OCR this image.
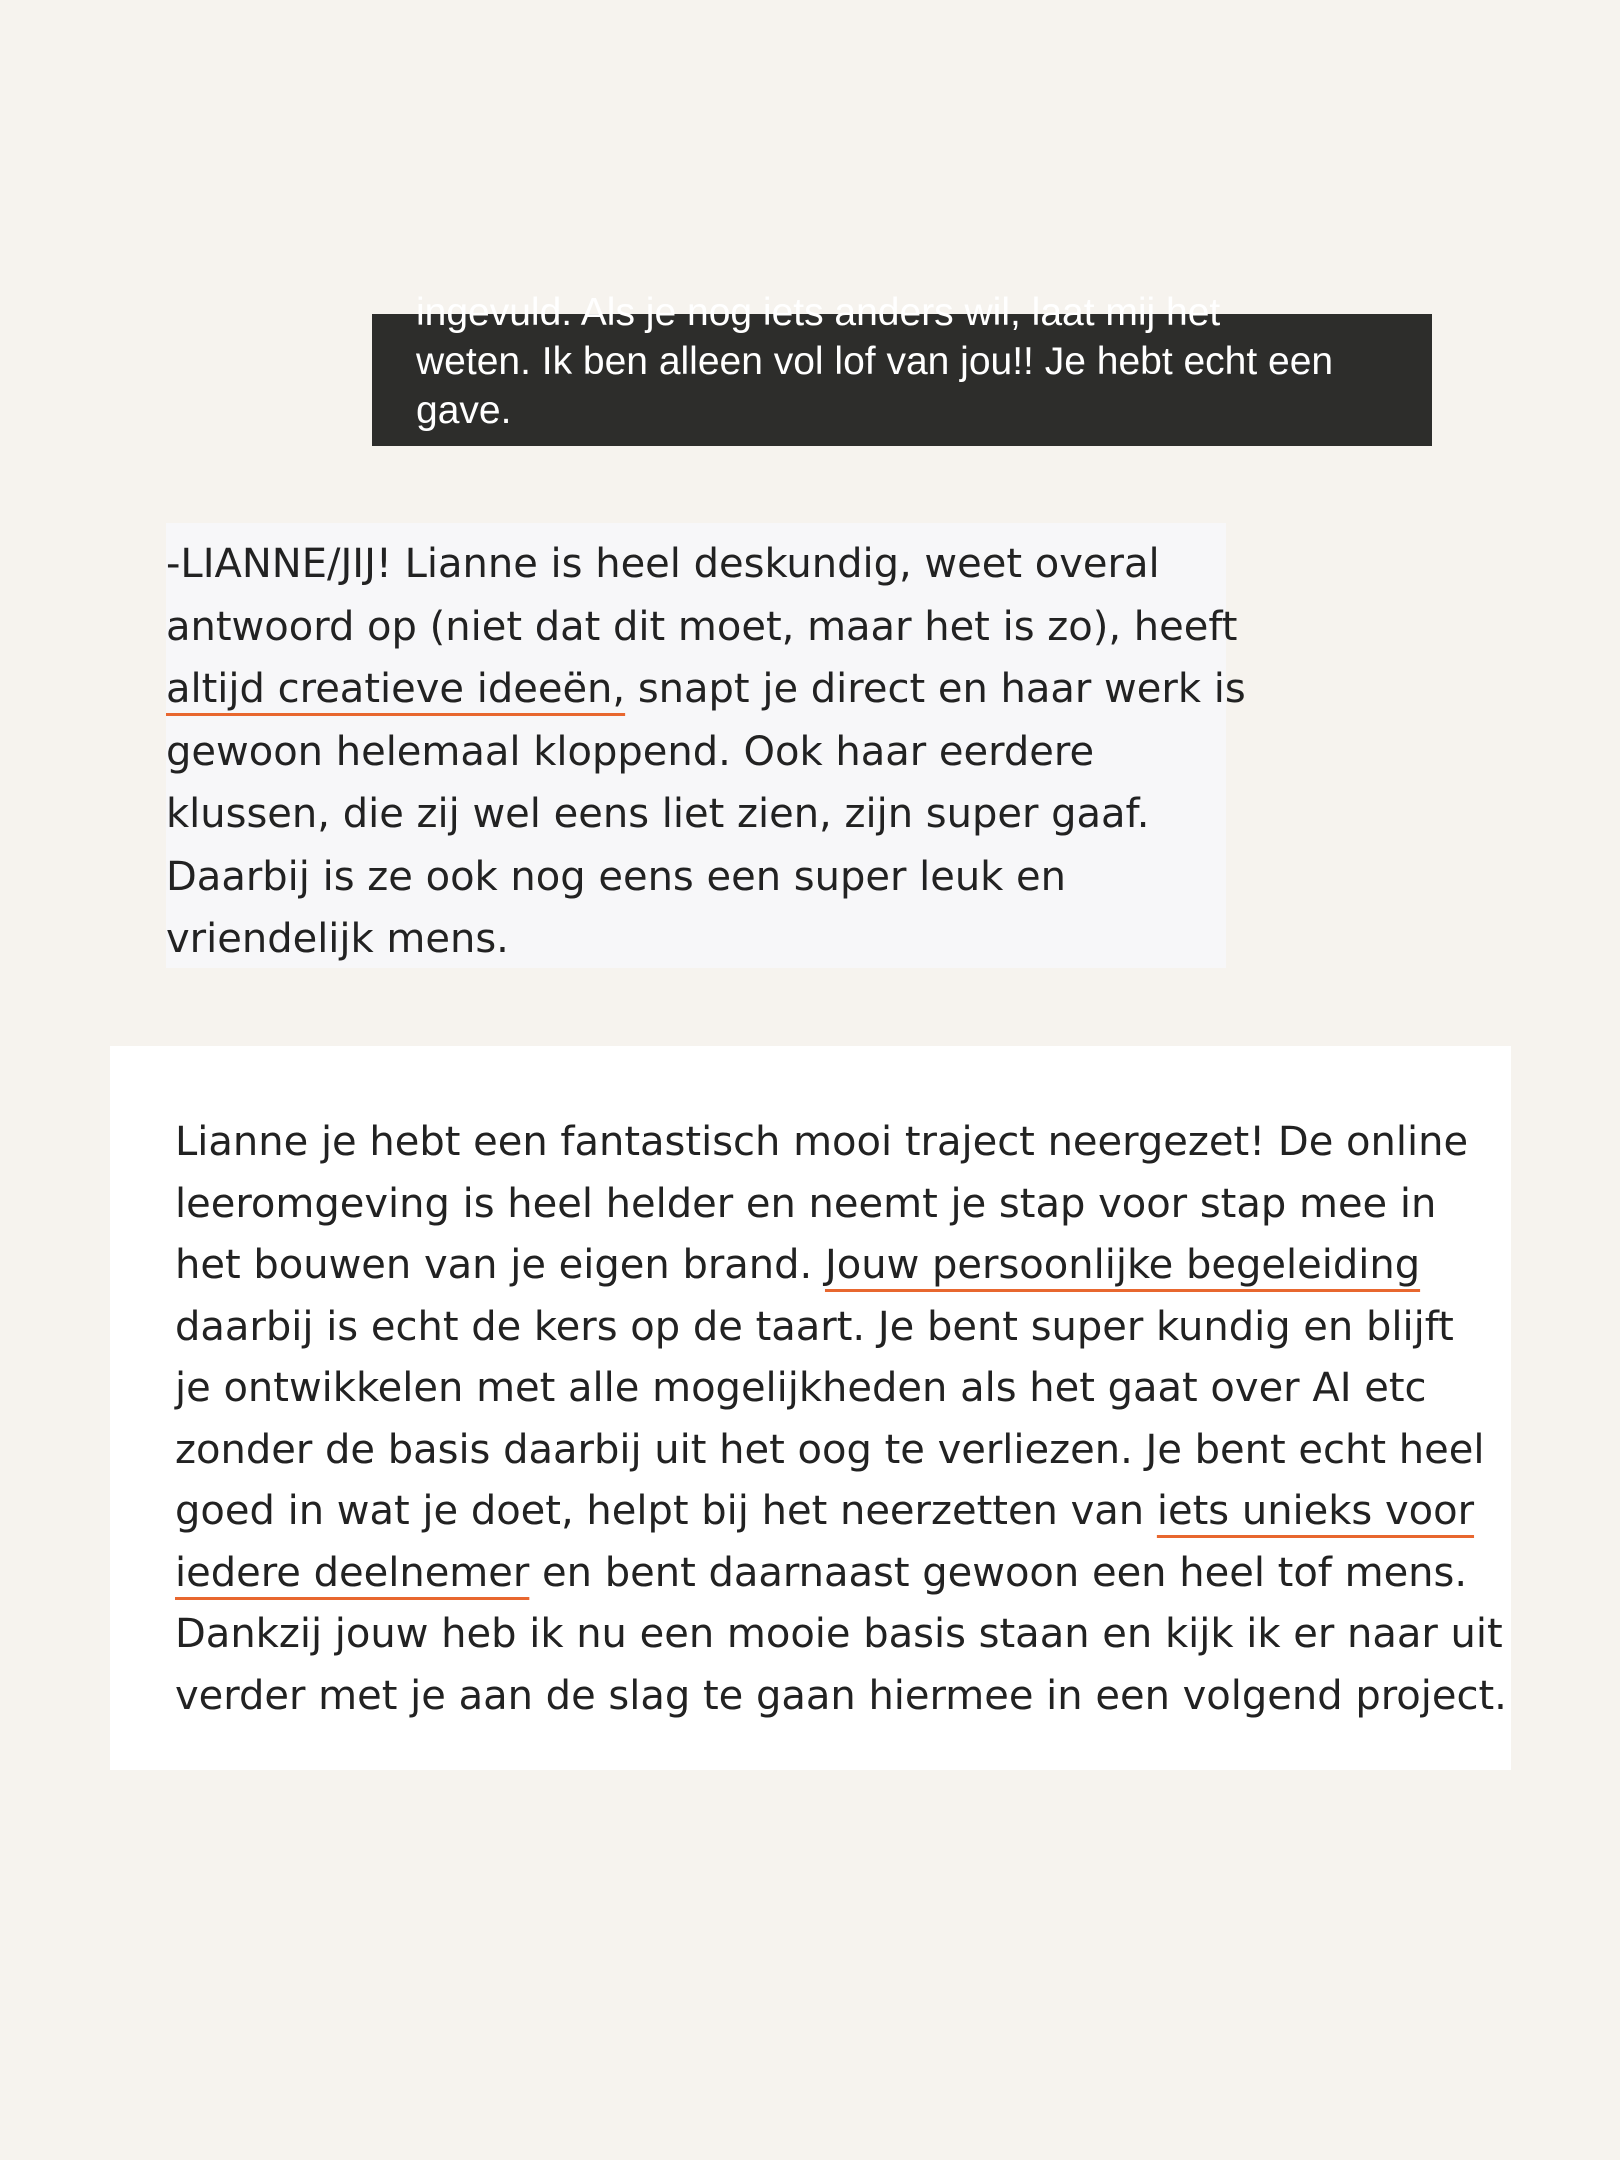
ingevuld. Als je nog iets anders wil, laat mij het
weten. Ik ben alleen vol lof van jou!! Je hebt echt een
gave.
-LIANNE/JIJ! Lianne is heel deskundig, weet overal
antwoord op (niet dat dit moet, maar het is zo), heeft
altijd creatieve ideeën, snapt je direct en haar werk is
gewoon helemaal kloppend. Ook haar eerdere
klussen, die zij wel eens liet zien, zijn super gaaf.
Daarbij is ze ook nog eens een super leuk en
vriendelijk mens.
Lianne je hebt een fantastisch mooi traject neergezet! De online
leeromgeving is heel helder en neemt je stap voor stap mee in
het bouwen van je eigen brand. Jouw persoonlijke begeleiding
daarbij is echt de kers op de taart. Je bent super kundig en blijft
je ontwikkelen met alle mogelijkheden als het gaat over AI etc
zonder de basis daarbij uit het oog te verliezen. Je bent echt heel
goed in wat je doet, helpt bij het neerzetten van iets unieks voor
iedere deelnemer en bent daarnaast gewoon een heel tof mens.
Dankzij jouw heb ik nu een mooie basis staan en kijk ik er naar uit
verder met je aan de slag te gaan hiermee in een volgend project.
